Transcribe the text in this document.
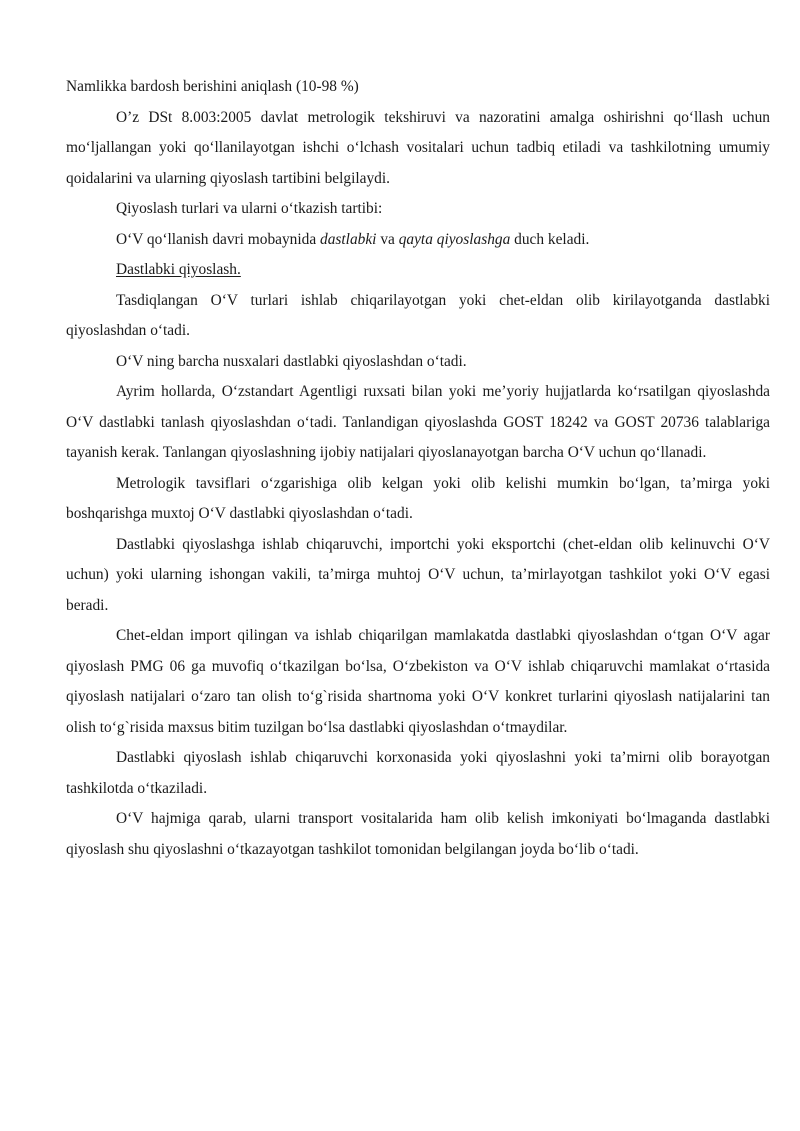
Namlikka bardosh berishini aniqlash (10-98 %)

O’z DSt 8.003:2005 davlat metrologik tekshiruvi va nazoratini amalga oshirishni qo‘llash uchun mo‘ljallangan yoki qo‘llanilayotgan ishchi o‘lchash vositalari uchun tadbiq etiladi va tashkilotning umumiy qoidalarini va ularning qiyoslash tartibini belgilaydi.

Qiyoslash turlari va ularni o‘tkazish tartibi:

O‘V qo‘llanish davri mobaynida dastlabki va qayta qiyoslashga duch keladi.

Dastlabki qiyoslash.

Tasdiqlangan O‘V turlari ishlab chiqarilayotgan yoki chet-eldan olib kirilayotganda dastlabki qiyoslashdan o‘tadi.

O‘V ning barcha nusxalari dastlabki qiyoslashdan o‘tadi.

Ayrim hollarda, O‘zstandart Agentligi ruxsati bilan yoki me’yoriy hujjatlarda ko‘rsatilgan qiyoslashda O‘V dastlabki tanlash qiyoslashdan o‘tadi. Tanlandigan qiyoslashda GOST 18242 va GOST 20736 talablariga tayanish kerak. Tanlangan qiyoslashning ijobiy natijalari qiyoslanayotgan barcha O‘V uchun qo‘llanadi.

Metrologik tavsiflari o‘zgarishiga olib kelgan yoki olib kelishi mumkin bo‘lgan, ta’mirga yoki boshqarishga muxtoj O‘V dastlabki qiyoslashdan o‘tadi.

Dastlabki qiyoslashga ishlab chiqaruvchi, importchi yoki eksportchi (chet-eldan olib kelinuvchi O‘V uchun) yoki ularning ishongan vakili, ta’mirga muhtoj O‘V uchun, ta’mirlayotgan tashkilot yoki O‘V egasi beradi.

Chet-eldan import qilingan va ishlab chiqarilgan mamlakatda dastlabki qiyoslashdan o‘tgan O‘V agar qiyoslash PMG 06 ga muvofiq o‘tkazilgan bo‘lsa, O‘zbekiston va O‘V ishlab chiqaruvchi mamlakat o‘rtasida qiyoslash natijalari o‘zaro tan olish to‘g`risida shartnoma yoki O‘V konkret turlarini qiyoslash natijalarini tan olish to‘g`risida maxsus bitim tuzilgan bo‘lsa dastlabki qiyoslashdan o‘tmaydilar.

Dastlabki qiyoslash ishlab chiqaruvchi korxonasida yoki qiyoslashni yoki ta’mirni olib borayotgan tashkilotda o‘tkaziladi.

O‘V hajmiga qarab, ularni transport vositalarida ham olib kelish imkoniyati bo‘lmaganda dastlabki qiyoslash shu qiyoslashni o‘tkazayotgan tashkilot tomonidan belgilangan joyda bo‘lib o‘tadi.
